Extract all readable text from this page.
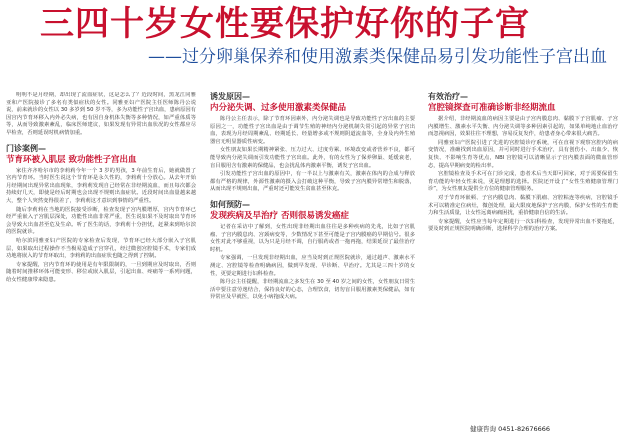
三四十岁女性要保护好你的子宫
——过分卵巢保养和使用激素类保健品易引发功能性子宫出血

明明不是月经期，却出现了流血症状，这是怎么了？近段时间，黑龙江同雅亚和产医院接诊了多名有类似症状的女性。同雅亚妇产医院主任医师陈丹公说说，前来就诊的女性以 30 多岁到 50 岁不等，多为功能性子宫出血，患病原因有因宫内节育环移入内外必失病，也有因自身机体失衡等多种情况，如严重体质等等，从而导致激素紊乱，临床医师建议，如果发现有异常出血状况的女性都应尽早检查，否则延误时机病情加重。

门诊案例—
节育环被入肌层 致功能性子宫出血

家住齐齐哈尔市的李莉莉今年一个 3 岁的男孩，3 年前生育后，她就做置了宫内节育环。当时医生说这个节育环是永久性的，李莉莉十分放心。从去年开始月经期间出现异常出血现象，李莉莉发现自己经常在非经期流血，而且每次都会持续好几天，即使是经后时期也会出现不规则出血症状。近段时间出血量越来越大，整个人突然变得很差了，李莉莉这才意识到事情的严重性。

随后李莉莉在当地的医院接受诊断，检查发现子宫内膜增厚，宫内节育环已经严重嵌入子宫肌层深处，功能性出血非常严重，医生说如果不及时取出节育环会导致大出血甚至危及生命。听了医生的话，李莉莉十分担忧，赶紧来到哈尔滨的医院就诊。

哈尔滨同雅亚妇产医院的专家检查后发现，节育环已经大部分嵌入子宫肌层，如果取出过程操作不当极易造成子宫穿孔，经过微创宫腔镜手术，专家们成功地将嵌入的节育环取出，李莉莉的出血症状也随之得到了控制。

专家提醒，宫内节育环的使用是有年限限制的，一旦到期应及时取出，否则随着时间推移环体可能变形、移位或嵌入肌层，引起出血、疼痛等一系列问题，给女性健康带来隐患。

诱发原因—
内分泌失调、过多使用激素类保健品

陈丹公主任表示，除了节育环因素外，内分泌失调也是导致功能性子宫出血的主要原因之一，功能性子宫出血是由于调节生殖的神经内分泌机制失常引起的异常子宫出血，表现为月经周期紊乱、经期延长、经量增多或不规则阴道流血等，全身及内外生殖器官无明显器质性病变。

女性朋友如果长期精神紧张、压力过大、过度劳累、环境改变或者营养不良，都可能导致内分泌失调而引发功能性子宫出血。此外，有的女性为了保养卵巢、延缓衰老，盲目服用含有激素的保健品，也会扰乱体内激素平衡，诱发子宫出血。

引发功能性子宫出血的原因中，有一半以上与激素有关，激素在体内的合成与释放都有严格的规律，外源性激素的摄入会打破这种平衡，导致子宫内膜异常增生和脱落，从而出现不规则出血，严重时还可能发生贫血甚至休克。

如何预防—
发现疾病及早治疗 否则很易诱发癌症

记者在采访中了解到，女性出现非经期出血往往是多种疾病的先兆，比如子宫肌瘤、子宫内膜息肉、宫颈病变等，少数情况下甚至可能是子宫内膜癌的早期信号。很多女性对此不够重视，以为只是月经不调，自行服药或者一拖再拖，结果延误了最佳治疗时机。

专家强调，一旦发现非经期出血，应当及时到正规医院就诊，通过超声、激素水平测定、宫腔镜等检查明确病因，做到早发现、早诊断、早治疗。尤其是三四十岁的女性，更要定期进行妇科检查。

陈丹公主任提醒，非经期流血之多发生在 30 至 40 岁之间的女性，女性朋友日常生活中要注意劳逸结合，保持良好的心态，合理饮食，切勿盲目服用激素类保健品，如有异常应及早就医，以免小病拖成大病。

有效治疗—
宫腔镜探查可准确诊断非经期流血

据介绍，非经期流血的病因主要是由子宫内膜息肉、黏膜下子宫肌瘤、子宫内膜增生、激素水平失衡、内分泌失调等多种因素引起的，如果单纯地止血治疗而忽视病因，效果往往不理想，容易反复发作，给患者身心带来很大痛苦。

同雅亚妇产医院引进了先进的宫腔镜诊疗系统，可在直视下观察宫腔内的病变情况，准确找到出血原因，并可同时进行手术治疗，具有创伤小、出血少、恢复快、不影响生育等优点，NBI 宫腔镜可以清晰显示子宫内膜表面的微血管形态，提高早期病变的检出率。

宫腔镜检查及手术可在门诊完成，患者术后当天即可回家，对于需要保留生育功能的年轻女性来说，更是理想的选择。医院还开设了“女性生殖健康管理门诊”，为女性朋友提供全方位的健康管理服务。

对于节育环嵌顿、子宫内膜息肉、黏膜下肌瘤、宫腔粘连等疾病，宫腔镜手术可以精准定位病灶，微创处理，最大限度地保护子宫内膜，保护女性的生育能力和生活质量，让女性远离病痛困扰，重拾健康自信的生活。

专家提醒，女性应当每年定期进行一次妇科检查，发现异常出血不要拖延，要及时到正规医院明确诊断，选择科学合理的治疗方案。

健康咨询 0451-82676666
